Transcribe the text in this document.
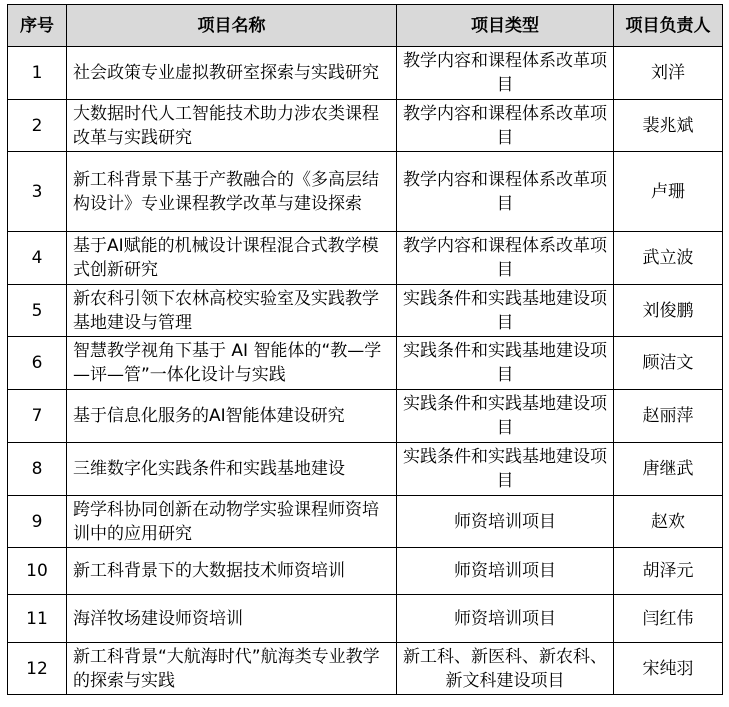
序号	项目名称	项目类型	项目负责人
1	社会政策专业虚拟教研室探索与实践研究	教学内容和课程体系改革项目	刘洋
2	大数据时代人工智能技术助力涉农类课程改革与实践研究	教学内容和课程体系改革项目	裴兆斌
3	新工科背景下基于产教融合的《多高层结构设计》专业课程教学改革与建设探索	教学内容和课程体系改革项目	卢珊
4	基于AI赋能的机械设计课程混合式教学模式创新研究	教学内容和课程体系改革项目	武立波
5	新农科引领下农林高校实验室及实践教学基地建设与管理	实践条件和实践基地建设项目	刘俊鹏
6	智慧教学视角下基于 AI 智能体的“教—学—评—管”一体化设计与实践	实践条件和实践基地建设项目	顾洁文
7	基于信息化服务的AI智能体建设研究	实践条件和实践基地建设项目	赵丽萍
8	三维数字化实践条件和实践基地建设	实践条件和实践基地建设项目	唐继武
9	跨学科协同创新在动物学实验课程师资培训中的应用研究	师资培训项目	赵欢
10	新工科背景下的大数据技术师资培训	师资培训项目	胡泽元
11	海洋牧场建设师资培训	师资培训项目	闫红伟
12	新工科背景“大航海时代”航海类专业教学的探索与实践	新工科、新医科、新农科、新文科建设项目	宋纯羽
